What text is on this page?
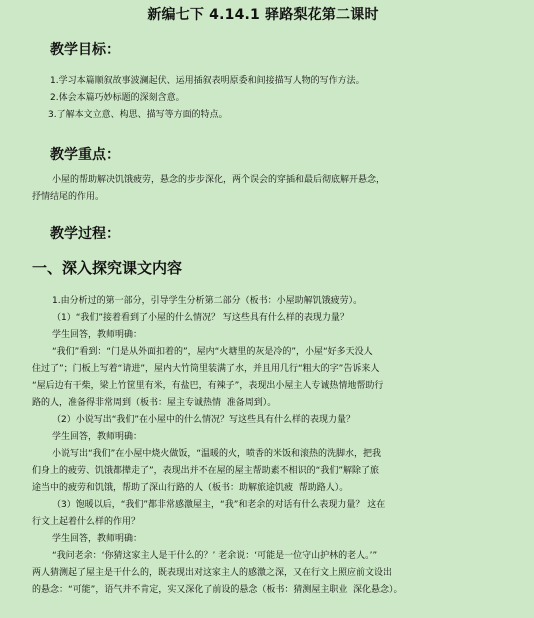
新编七下 4.14.1 驿路梨花第二课时
教学目标：
1.学习本篇顺叙故事波澜起伏、运用插叙表明原委和间接描写人物的写作方法。
2.体会本篇巧妙标题的深刻含意。
3.了解本文立意、构思、描写等方面的特点。
教学重点：
小屋的帮助解决饥饿疲劳，悬念的步步深化，两个误会的穿插和最后彻底解开悬念，
抒情结尾的作用。
教学过程：
一、深入探究课文内容
1.由分析过的第一部分，引导学生分析第二部分（板书：小屋助解饥饿疲劳）。
（1）“我们”接着看到了小屋的什么情况？ 写这些具有什么样的表现力量？
学生回答，教师明确：
“我们”看到：“门是从外面扣着的”，屋内“火塘里的灰是冷的”，小屋“好多天没人
住过了”；门板上写着“请进”，屋内大竹筒里装满了水，并且用几行“粗大的字”告诉来人
“屋后边有干柴，梁上竹筐里有米，有盐巴，有辣子”，表现出小屋主人专诚热情地帮助行
路的人，准备得非常周到（板书：屋主专诚热情  准备周到）。
（2）小说写出“我们”在小屋中的什么情况？写这些具有什么样的表现力量？
学生回答，教师明确：
小说写出“我们”在小屋中烧火做饭，“温暖的火，喷香的米饭和滚热的洗脚水，把我
们身上的疲劳、饥饿都撵走了”，表现出并不在屋的屋主帮助素不相识的“我们”解除了旅
途当中的疲劳和饥饿，帮助了深山行路的人（板书：助解旅途饥疲  帮助路人）。
（3）饱暖以后，“我们”都非常感激屋主，“我”和老余的对话有什么表现力量？ 这在
行文上起着什么样的作用？
学生回答，教师明确：
“我问老余：‘你猜这家主人是干什么的？’ 老余说：‘可能是一位守山护林的老人。’”
两人猜测起了屋主是干什么的，既表现出对这家主人的感激之深，又在行文上照应前文设出
的悬念：“可能”，语气并不肯定，实又深化了前设的悬念（板书：猜测屋主职业  深化悬念）。
